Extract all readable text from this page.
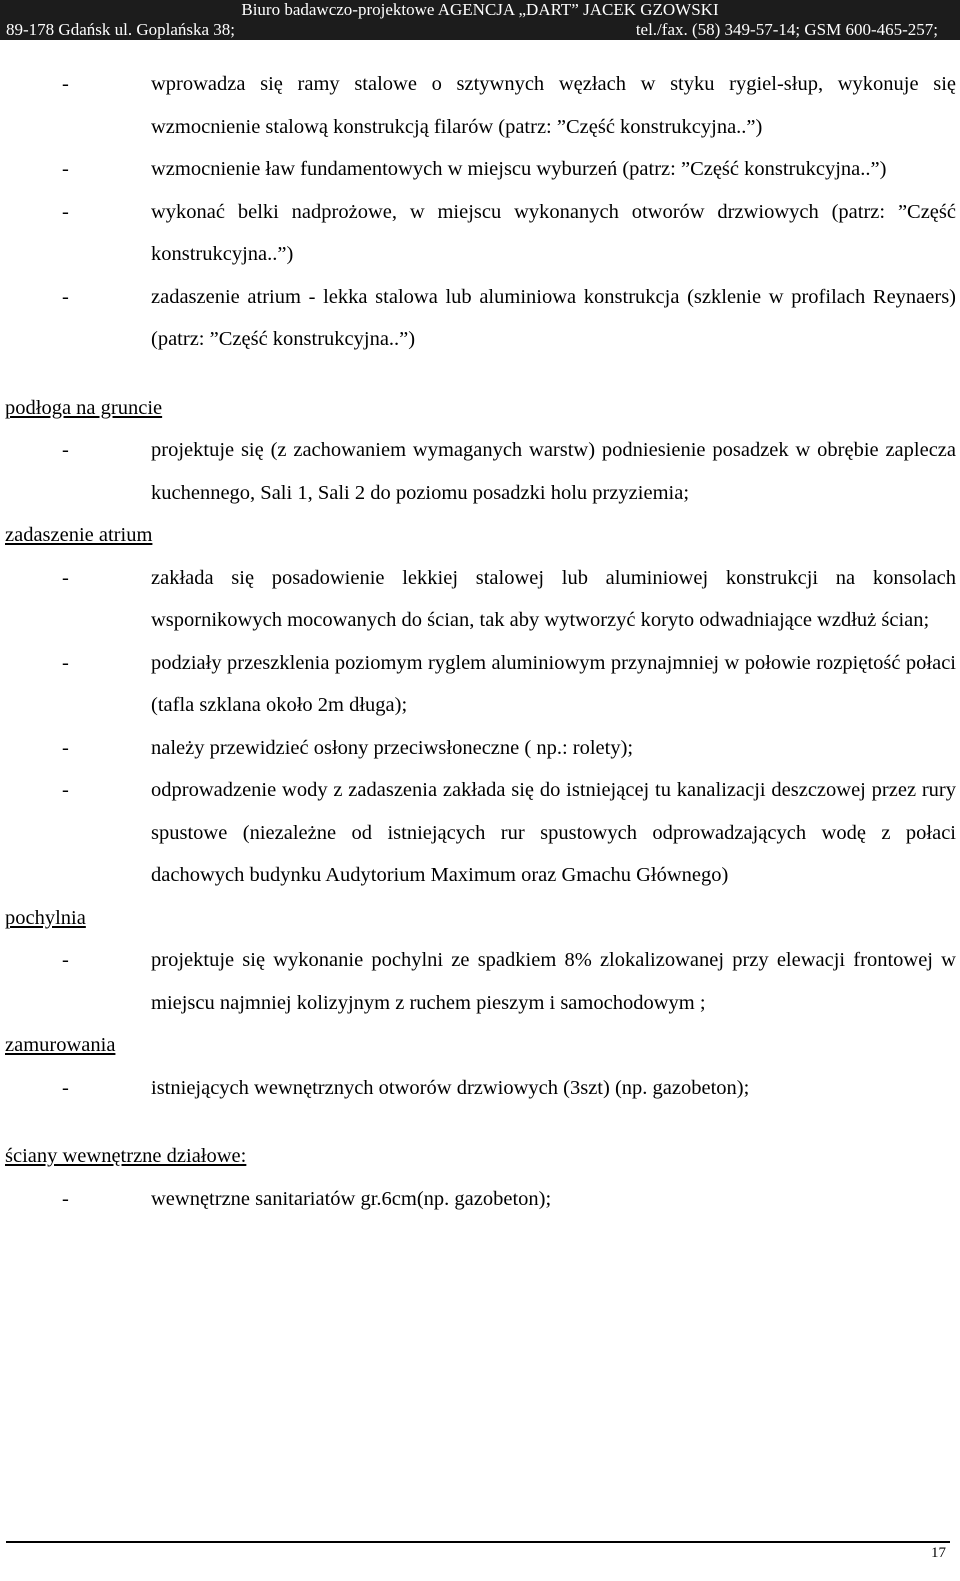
Biuro badawczo-projektowe AGENCJA „DART” JACEK GZOWSKI
89-178 Gdańsk ul. Goplańska 38;	tel./fax. (58) 349-57-14; GSM 600-465-257;
-	wprowadza się ramy stalowe o sztywnych węzłach w styku rygiel-słup, wykonuje się wzmocnienie stalową konstrukcją filarów (patrz: ”Część konstrukcyjna..”)
-	wzmocnienie ław fundamentowych w miejscu wyburzeń (patrz: ”Część konstrukcyjna..”)
-	wykonać belki nadprożowe, w miejscu wykonanych otworów drzwiowych (patrz: ”Część konstrukcyjna..”)
-	zadaszenie atrium - lekka stalowa lub aluminiowa konstrukcja (szklenie w profilach Reynaers) (patrz: ”Część konstrukcyjna..”)
podłoga na gruncie
-	projektuje się (z zachowaniem wymaganych warstw) podniesienie posadzek w obrębie zaplecza kuchennego, Sali 1, Sali 2 do poziomu posadzki holu przyziemia;
zadaszenie atrium
-	zakłada się posadowienie lekkiej stalowej lub aluminiowej konstrukcji na konsolach wspornikowych mocowanych do ścian, tak aby wytworzyć koryto odwadniające wzdłuż ścian;
-	podziały przeszklenia poziomym ryglem aluminiowym przynajmniej w połowie rozpiętość połaci (tafla szklana około 2m długa);
-	należy przewidzieć osłony przeciwsłoneczne ( np.: rolety);
-	odprowadzenie wody z zadaszenia zakłada się do istniejącej tu kanalizacji deszczowej przez rury spustowe (niezależne od istniejących rur spustowych odprowadzających wodę z połaci dachowych budynku Audytorium Maximum oraz Gmachu Głównego)
pochylnia
-	projektuje się wykonanie pochylni ze spadkiem 8% zlokalizowanej przy elewacji frontowej w miejscu najmniej kolizyjnym z ruchem pieszym i samochodowym ;
zamurowania
-	istniejących wewnętrznych otworów drzwiowych (3szt) (np. gazobeton);
ściany wewnętrzne działowe:
-	wewnętrzne sanitariatów gr.6cm(np. gazobeton);
17
